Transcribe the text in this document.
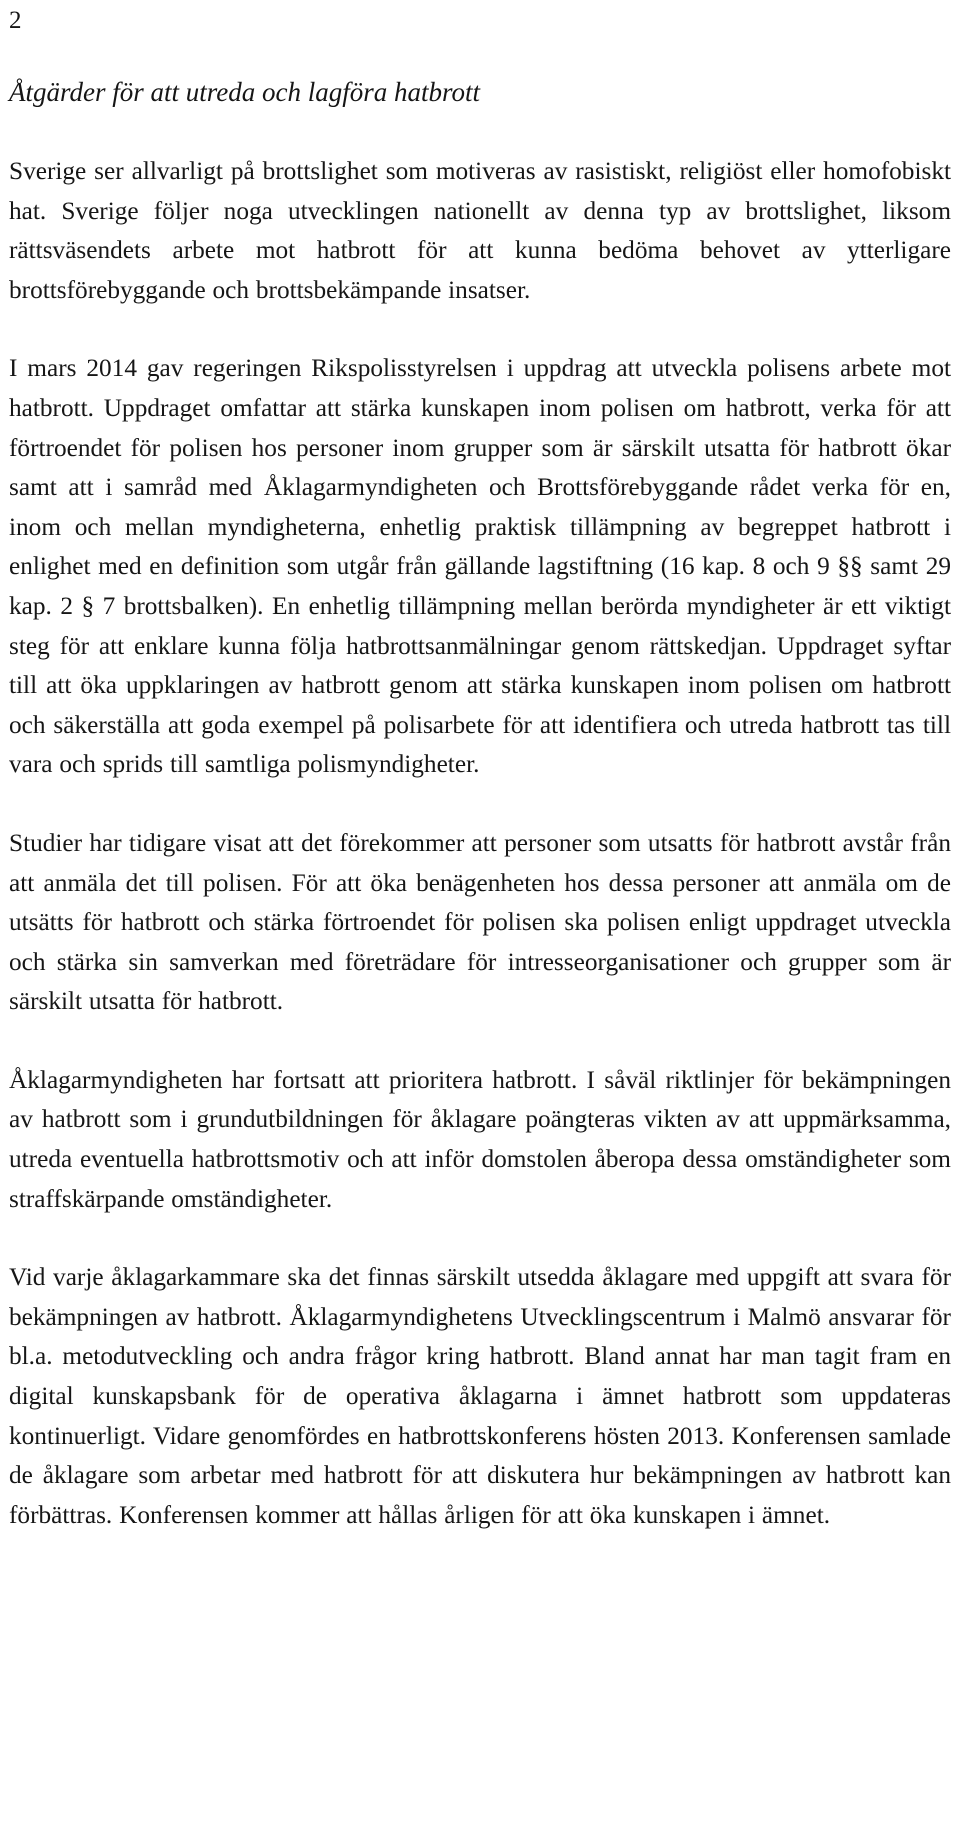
2

Åtgärder för att utreda och lagföra hatbrott

Sverige ser allvarligt på brottslighet som motiveras av rasistiskt, religiöst eller homofobiskt hat. Sverige följer noga utvecklingen nationellt av denna typ av brottslighet, liksom rättsväsendets arbete mot hatbrott för att kunna bedöma behovet av ytterligare brottsförebyggande och brottsbekämpande insatser.

I mars 2014 gav regeringen Rikspolisstyrelsen i uppdrag att utveckla polisens arbete mot hatbrott. Uppdraget omfattar att stärka kunskapen inom polisen om hatbrott, verka för att förtroendet för polisen hos personer inom grupper som är särskilt utsatta för hatbrott ökar samt att i samråd med Åklagarmyndigheten och Brottsförebyggande rådet verka för en, inom och mellan myndigheterna, enhetlig praktisk tillämpning av begreppet hatbrott i enlighet med en definition som utgår från gällande lagstiftning (16 kap. 8 och 9 §§ samt 29 kap. 2 § 7 brottsbalken). En enhetlig tillämpning mellan berörda myndigheter är ett viktigt steg för att enklare kunna följa hatbrottsanmälningar genom rättskedjan. Uppdraget syftar till att öka uppklaringen av hatbrott genom att stärka kunskapen inom polisen om hatbrott och säkerställa att goda exempel på polisarbete för att identifiera och utreda hatbrott tas till vara och sprids till samtliga polismyndigheter.

Studier har tidigare visat att det förekommer att personer som utsatts för hatbrott avstår från att anmäla det till polisen. För att öka benägenheten hos dessa personer att anmäla om de utsätts för hatbrott och stärka förtroendet för polisen ska polisen enligt uppdraget utveckla och stärka sin samverkan med företrädare för intresseorganisationer och grupper som är särskilt utsatta för hatbrott.

Åklagarmyndigheten har fortsatt att prioritera hatbrott. I såväl riktlinjer för bekämpningen av hatbrott som i grundutbildningen för åklagare poängteras vikten av att uppmärksamma, utreda eventuella hatbrottsmotiv och att inför domstolen åberopa dessa omständigheter som straffskärpande omständigheter.

Vid varje åklagarkammare ska det finnas särskilt utsedda åklagare med uppgift att svara för bekämpningen av hatbrott. Åklagarmyndighetens Utvecklingscentrum i Malmö ansvarar för bl.a. metodutveckling och andra frågor kring hatbrott. Bland annat har man tagit fram en digital kunskapsbank för de operativa åklagarna i ämnet hatbrott som uppdateras kontinuerligt. Vidare genomfördes en hatbrottskonferens hösten 2013. Konferensen samlade de åklagare som arbetar med hatbrott för att diskutera hur bekämpningen av hatbrott kan förbättras. Konferensen kommer att hållas årligen för att öka kunskapen i ämnet.
